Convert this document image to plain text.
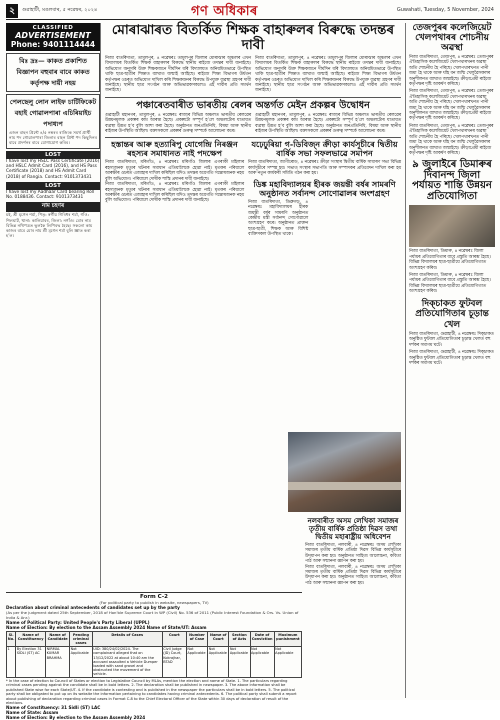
২	গুৱাহাটী, মঙলবাৰ, ৫ নৱেম্বৰ, ২০২৪	গণ অধিকাৰ	Guwahati, Tuesday, 5 November, 2024
CLASSIFIED
ADVERTISEMENT
Phone: 9401114444
বিঃ দ্ৰঃ— কাকত প্ৰকাশিত বিজ্ঞাপন বহুবাৰ বাবে কাকত কৰ্তৃপক্ষ দায়ী নহয়
পেলছেলু লোন লাইফ চাৰ্টিফিকেট বহাই গোৱালপাৰা এচিৰিয়াইচ পদাধ্যপ
এজন বাহন প্ৰিন্টে ৪/৫ নম্বৰৰ ৰাজ্যিক সমৰ্থ প্ৰাৰ্থী নাম পদ গোৱালপাৰা জিলাৰ বাহন প্ৰিন্ট পদ কিছুদিনৰ বাবে প্ৰদৰ্শনৰ বাবে যোগাযোগ কৰিব।
LOST
I have lost my HSLC Pass Certificate (2016) and HSLC Admit Card (2016), and HS Pass Certificate (2018) and HS Admit Card (2018) of Rangia. Contact: 9101373431
LOST
I have lost my Aadhaar Card bearing Roll No. 0188436. Contact: 9101373431
নাম চহণৰ
মই, শ্ৰী মৃগেন শৰ্মা, পিতৃ: স্বৰ্গীয় গিৰিধৰ শৰ্মা, গাঁও: শিলঘাট, থানা: কালিয়াবৰ, জিলা: নগাঁও। মোৰ নাম বিভিন্ন নথিপত্ৰত ভুলকৈ লিপিবদ্ধ হৈছে। সকলো কাম কাজৰ বাবে মোৰ নাম শ্ৰী মৃগেন শৰ্মা বুলি জ্ঞাত কৰা হ’ল।
মোৰাঝাৰত বিতৰ্কিত শিক্ষক বাহাৰুলৰ বিৰুদ্ধে তদন্তৰ দাবী
নিজা বাতৰিদাতা, তামুলপুৰ, ৪ নৱেম্বৰঃ তামুলপুৰ জিলাৰ মোৰাঝাৰ অঞ্চলৰ এখন বিদ্যালয়ৰ বিতৰ্কিত শিক্ষক বাহাৰুলৰ বিৰুদ্ধে স্থানীয় ৰাইজে তদন্তৰ দাবী জনাইছে। অভিযোগ অনুসৰি উক্ত শিক্ষকজনে দীৰ্ঘদিন ধৰি বিদ্যালয়ত অনিয়মিতভাৱে উপস্থিত থাকি ছাত্ৰ-ছাত্ৰীৰ শিক্ষাত ব্যাঘাত জন্মাই আহিছে। ৰাইজে শিক্ষা বিভাগৰ উৰ্ধতন কৰ্তৃপক্ষৰ ওচৰত অভিযোগ দাখিল কৰি শিক্ষকজনৰ বিৰুদ্ধে উপযুক্ত ব্যৱস্থা গ্ৰহণৰ দাবী জনাইছে। স্থানীয় ছাত্ৰ সংগঠন আৰু অভিভাৱকসকলেও এই দাবীৰ প্ৰতি সমৰ্থন জনাইছে।
নিজা বাতৰিদাতা, তামুলপুৰ, ৪ নৱেম্বৰঃ তামুলপুৰ জিলাৰ মোৰাঝাৰ অঞ্চলৰ এখন বিদ্যালয়ৰ বিতৰ্কিত শিক্ষক বাহাৰুলৰ বিৰুদ্ধে স্থানীয় ৰাইজে তদন্তৰ দাবী জনাইছে। অভিযোগ অনুসৰি উক্ত শিক্ষকজনে দীৰ্ঘদিন ধৰি বিদ্যালয়ত অনিয়মিতভাৱে উপস্থিত থাকি ছাত্ৰ-ছাত্ৰীৰ শিক্ষাত ব্যাঘাত জন্মাই আহিছে। ৰাইজে শিক্ষা বিভাগৰ উৰ্ধতন কৰ্তৃপক্ষৰ ওচৰত অভিযোগ দাখিল কৰি শিক্ষকজনৰ বিৰুদ্ধে উপযুক্ত ব্যৱস্থা গ্ৰহণৰ দাবী জনাইছে। স্থানীয় ছাত্ৰ সংগঠন আৰু অভিভাৱকসকলেও এই দাবীৰ প্ৰতি সমৰ্থন জনাইছে।
পঞ্চাৰেতবাৰীত ভাৰতীয় ৰেলৰ অন্তৰ্গত মেইন প্ৰকল্পৰ উদ্বোধন
গুৱাহাটী মহানগৰ, তামুলপুৰ, ৪ নৱেম্বৰঃ ৰাজ্যৰ বিভিন্ন অঞ্চলত ভাৰতীয় ৰেলৱেৰ উন্নয়নমূলক প্ৰকল্পৰ কাম আৰম্ভ হৈছে। প্ৰকল্পটো সম্পূৰ্ণ হ’লে অঞ্চলটোৰ যাতায়ত ব্যৱস্থা উন্নত হ’ব বুলি আশা কৰা হৈছে। অনুষ্ঠানত জনপ্ৰতিনিধি, বিষয়া আৰু স্থানীয় ৰাইজৰ উপস্থিতি আছিল। বক্তাসকলে প্ৰকল্পৰ গুৰুত্ব সম্পৰ্কে আলোচনা কৰে।
গুৱাহাটী মহানগৰ, তামুলপুৰ, ৪ নৱেম্বৰঃ ৰাজ্যৰ বিভিন্ন অঞ্চলত ভাৰতীয় ৰেলৱেৰ উন্নয়নমূলক প্ৰকল্পৰ কাম আৰম্ভ হৈছে। প্ৰকল্পটো সম্পূৰ্ণ হ’লে অঞ্চলটোৰ যাতায়ত ব্যৱস্থা উন্নত হ’ব বুলি আশা কৰা হৈছে। অনুষ্ঠানত জনপ্ৰতিনিধি, বিষয়া আৰু স্থানীয় ৰাইজৰ উপস্থিতি আছিল। বক্তাসকলে প্ৰকল্পৰ গুৰুত্ব সম্পৰ্কে আলোচনা কৰে।
হস্তান্তৰ আৰু হত্যাৰিপু যোগেন্দ্ৰি নিৰঞ্জন ৰহস্যৰ সমাধানত নাই পদক্ষেপ
নিজা বাতৰিদাতা, মৰিগাঁও, ৪ নৱেম্বৰঃ মৰিগাঁও জিলাৰ এগৰাকী মহিলাৰ ৰহস্যজনক মৃত্যুৰ ঘটনাৰ সমাধান এতিয়ালৈকে হোৱা নাই। মৃতকৰ পৰিয়ালে আৰক্ষীৰ ওচৰত এজাহাৰ দাখিল কৰিছিল যদিও তদন্তৰ অগ্ৰগতি সন্তোষজনক নহয় বুলি অভিযোগ। পৰিয়ালে দোষীক শাস্তি প্ৰদানৰ দাবী জনাইছে।
নিজা বাতৰিদাতা, মৰিগাঁও, ৪ নৱেম্বৰঃ মৰিগাঁও জিলাৰ এগৰাকী মহিলাৰ ৰহস্যজনক মৃত্যুৰ ঘটনাৰ সমাধান এতিয়ালৈকে হোৱা নাই। মৃতকৰ পৰিয়ালে আৰক্ষীৰ ওচৰত এজাহাৰ দাখিল কৰিছিল যদিও তদন্তৰ অগ্ৰগতি সন্তোষজনক নহয় বুলি অভিযোগ। পৰিয়ালে দোষীক শাস্তি প্ৰদানৰ দাবী জনাইছে।
যঢ়েঢ়ুৰিয়া গ-ডিবিজ্‌ন ক্ৰীড়া কাৰ্যসূচীৰে দ্বিতীয় বাৰ্ষিক সভা সফলভাৱে সমাপন
নিজা বাতৰিদাতা, জাগীৰোড, ৪ নৱেম্বৰঃ ক্ৰীড়া সংস্থাৰ দ্বিতীয় বাৰ্ষিক সাধাৰণ সভা বিভিন্ন কাৰ্যসূচীৰে সম্পন্ন হয়। সভাত সংস্থাৰ সভাপতি আৰু সম্পাদকৰ প্ৰতিবেদন দাখিল কৰা হয় আৰু নতুন কাৰ্যকৰী সমিতি গঠন কৰা হয়।
ডিঙ্ক মহাবিদ্যালয়ৰ হীৰক জয়ন্তী বৰ্ষৰ সামৰণি অনুষ্ঠানত সৰ্বানন্দ সোণোৱালৰ অংশগ্ৰহণ
নিজা বাতৰিদাতা, ডিব্ৰুগড়, ৪ নৱেম্বৰঃ মহাবিদ্যালয়ৰ হীৰক জয়ন্তী বৰ্ষৰ সামৰণি অনুষ্ঠানত কেন্দ্ৰীয় মন্ত্ৰী সৰ্বানন্দ সোণোৱালে অংশগ্ৰহণ কৰে। অনুষ্ঠানত প্ৰাক্তন ছাত্ৰ-ছাত্ৰী, শিক্ষক আৰু বিশিষ্ট ব্যক্তিসকল উপস্থিত থাকে।
নলবাৰীত অসম লেখিকা সমাজৰ তৃতীয় বাৰ্ষিক প্ৰতিষ্ঠা দিৱস তথা দ্বিতীয় মহাৰাষ্ট্ৰীয় অধিবেশন
নিজা বাতৰিদাতা, নলবাৰী, ৪ নৱেম্বৰঃ অসম লেখিকা সমাজৰ তৃতীয় বাৰ্ষিক প্ৰতিষ্ঠা দিৱস বিভিন্ন কাৰ্যসূচীৰে উদ্‌যাপন কৰা হয়। অনুষ্ঠানত সাহিত্য আলোচনা, কবিতা পাঠ আৰু সন্মাননা জ্ঞাপন কৰা হয়।
নিজা বাতৰিদাতা, নলবাৰী, ৪ নৱেম্বৰঃ অসম লেখিকা সমাজৰ তৃতীয় বাৰ্ষিক প্ৰতিষ্ঠা দিৱস বিভিন্ন কাৰ্যসূচীৰে উদ্‌যাপন কৰা হয়। অনুষ্ঠানত সাহিত্য আলোচনা, কবিতা পাঠ আৰু সন্মাননা জ্ঞাপন কৰা হয়।
তেজপুৰৰ কলেজিয়েট খেলপথাৰৰ শোচনীয় অৱস্থা
নিজা বাতৰিদাতা, তেজপুৰ, ৪ নৱেম্বৰঃ তেজপুৰৰ ঐতিহাসিক কলেজিয়েট খেলপথাৰখনৰ অৱস্থা অতি শোচনীয় হৈ পৰিছে। খেলপথাৰখনত পানী জমা হৈ থাকে আৰু ঘাঁহ বন জন্মি খেলুৱৈসকলৰ অনুশীলনত ব্যাঘাত জন্মাইছে। ক্ৰীড়াপ্ৰেমী ৰাইজে কৰ্তৃপক্ষৰ দৃষ্টি আকৰ্ষণ কৰিছে।
নিজা বাতৰিদাতা, তেজপুৰ, ৪ নৱেম্বৰঃ তেজপুৰৰ ঐতিহাসিক কলেজিয়েট খেলপথাৰখনৰ অৱস্থা অতি শোচনীয় হৈ পৰিছে। খেলপথাৰখনত পানী জমা হৈ থাকে আৰু ঘাঁহ বন জন্মি খেলুৱৈসকলৰ অনুশীলনত ব্যাঘাত জন্মাইছে। ক্ৰীড়াপ্ৰেমী ৰাইজে কৰ্তৃপক্ষৰ দৃষ্টি আকৰ্ষণ কৰিছে।
নিজা বাতৰিদাতা, তেজপুৰ, ৪ নৱেম্বৰঃ তেজপুৰৰ ঐতিহাসিক কলেজিয়েট খেলপথাৰখনৰ অৱস্থা অতি শোচনীয় হৈ পৰিছে। খেলপথাৰখনত পানী জমা হৈ থাকে আৰু ঘাঁহ বন জন্মি খেলুৱৈসকলৰ অনুশীলনত ব্যাঘাত জন্মাইছে। ক্ৰীড়াপ্ৰেমী ৰাইজে কৰ্তৃপক্ষৰ দৃষ্টি আকৰ্ষণ কৰিছে।
৯ জুলাইৰে ডিমাৰুৰ দিবানন্দ জিলা পৰ্যায়ত শান্তি উন্নয়ন প্ৰতিযোগিতা
নিজা বাতৰিদাতা, ডিমাৰু, ৪ নৱেম্বৰঃ জিলা পৰ্যায়ৰ প্ৰতিযোগিতাৰ বাবে প্ৰস্তুতি আৰম্ভ হৈছে। বিভিন্ন বিদ্যালয়ৰ ছাত্ৰ-ছাত্ৰীয়ে প্ৰতিযোগিতাত অংশগ্ৰহণ কৰিব।
নিজা বাতৰিদাতা, ডিমাৰু, ৪ নৱেম্বৰঃ জিলা পৰ্যায়ৰ প্ৰতিযোগিতাৰ বাবে প্ৰস্তুতি আৰম্ভ হৈছে। বিভিন্ন বিদ্যালয়ৰ ছাত্ৰ-ছাত্ৰীয়ে প্ৰতিযোগিতাত অংশগ্ৰহণ কৰিব।
দিক্‌চাকত ফুটবল প্ৰতিযোগিতাৰ চূড়ান্ত খেল
নিজা বাতৰিদাতা, গুৱাহাটী, ৪ নৱেম্বৰঃ দিক্‌চাকত অনুষ্ঠিত ফুটবল প্ৰতিযোগিতাৰ চূড়ান্ত খেলত বহু দৰ্শকৰ সমাগম ঘটে।
নিজা বাতৰিদাতা, গুৱাহাটী, ৪ নৱেম্বৰঃ দিক্‌চাকত অনুষ্ঠিত ফুটবল প্ৰতিযোগিতাৰ চূড়ান্ত খেলত বহু দৰ্শকৰ সমাগম ঘটে।
Form C-2
(For political party to publish in website, newspapers, TV)
Declaration about criminal antecedents of candidates set up by the party
(As per the judgment dated 25th September, 2018 of Hon'ble Supreme Court in WP (Civil) No. 536 of 2011 (Public Interest Foundation & Ors. Vs. Union of India & Anr.)
Name of Political Party: United People's Party Liberal (UPPL)
Name of Election: By election to the Assam Assembly 2024 Name of State/UT: Assam
Sl. No.	Name of Constituency	Name of Candidate	Pending criminal cases	Details of Cases	Court	Number of Case	Name of Court	Section of Acts	Date of Conviction	Maximum punishment
1	By Election 31 SIDLI (ST) AC	NIRMAL KUMAR BRAHMA	Not Applicable	UID: 380/24/02/2024. The complainant alleged that on 13/12/2022 at about 10:40 am the accused assaulted a Vehicle Dumper loaded with sand gravel and obstructed the movement of the vehicle.	Civil Judge (JD) Court, Kokrajhar, BTAD	Not Applicable	Not Applicable	Not Applicable	Not Applicable	Not Applicable
* In the case of election to Council of States or election to Legislative Council by MLAs, mention the election and name of State. 1. The particulars regarding criminal cases pending against the candidate shall be in bold letters. 2. The declaration shall be published in newspaper. 3. The above information shall be published State wise for each State/UT. 4. If the candidate is contesting and is published in the newspaper the particulars shall be in bold letters. 5. The political party shall be obligated to put up on its website the information pertaining to candidates having criminal antecedents. 6. The political party shall submit a report about publishing of declaration regarding criminal cases in Format C-8 to the Chief Electoral Officer of the State within 30 days of declaration of result of the elections.
Name of Constituency: 31 Sidli (ST) LAC
Name of State: Assam
Name of Election: By election to the Assam Assembly 2024
